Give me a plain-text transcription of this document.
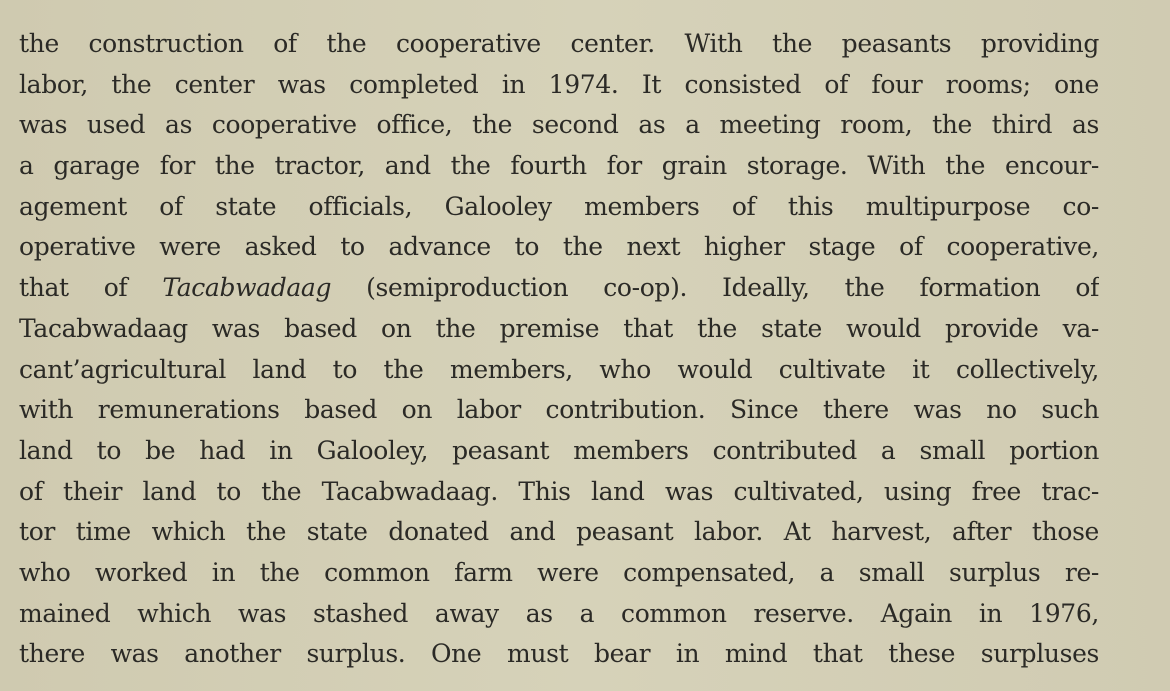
the construction of the cooperative center. With the peasants providing
labor, the center was completed in 1974. It consisted of four rooms; one
was used as cooperative office, the second as a meeting room, the third as
a garage for the tractor, and the fourth for grain storage. With the encour-
agement of state officials, Galooley members of this multipurpose co-
operative were asked to advance to the next higher stage of cooperative,
that of Tacabwadaag (semiproduction co-op). Ideally, the formation of
Tacabwadaag was based on the premise that the state would provide va-
cant’agricultural land to the members, who would cultivate it collectively,
with remunerations based on labor contribution. Since there was no such
land to be had in Galooley, peasant members contributed a small portion
of their land to the Tacabwadaag. This land was cultivated, using free trac-
tor time which the state donated and peasant labor. At harvest, after those
who worked in the common farm were compensated, a small surplus re-
mained which was stashed away as a common reserve. Again in 1976,
there was another surplus. One must bear in mind that these surpluses
